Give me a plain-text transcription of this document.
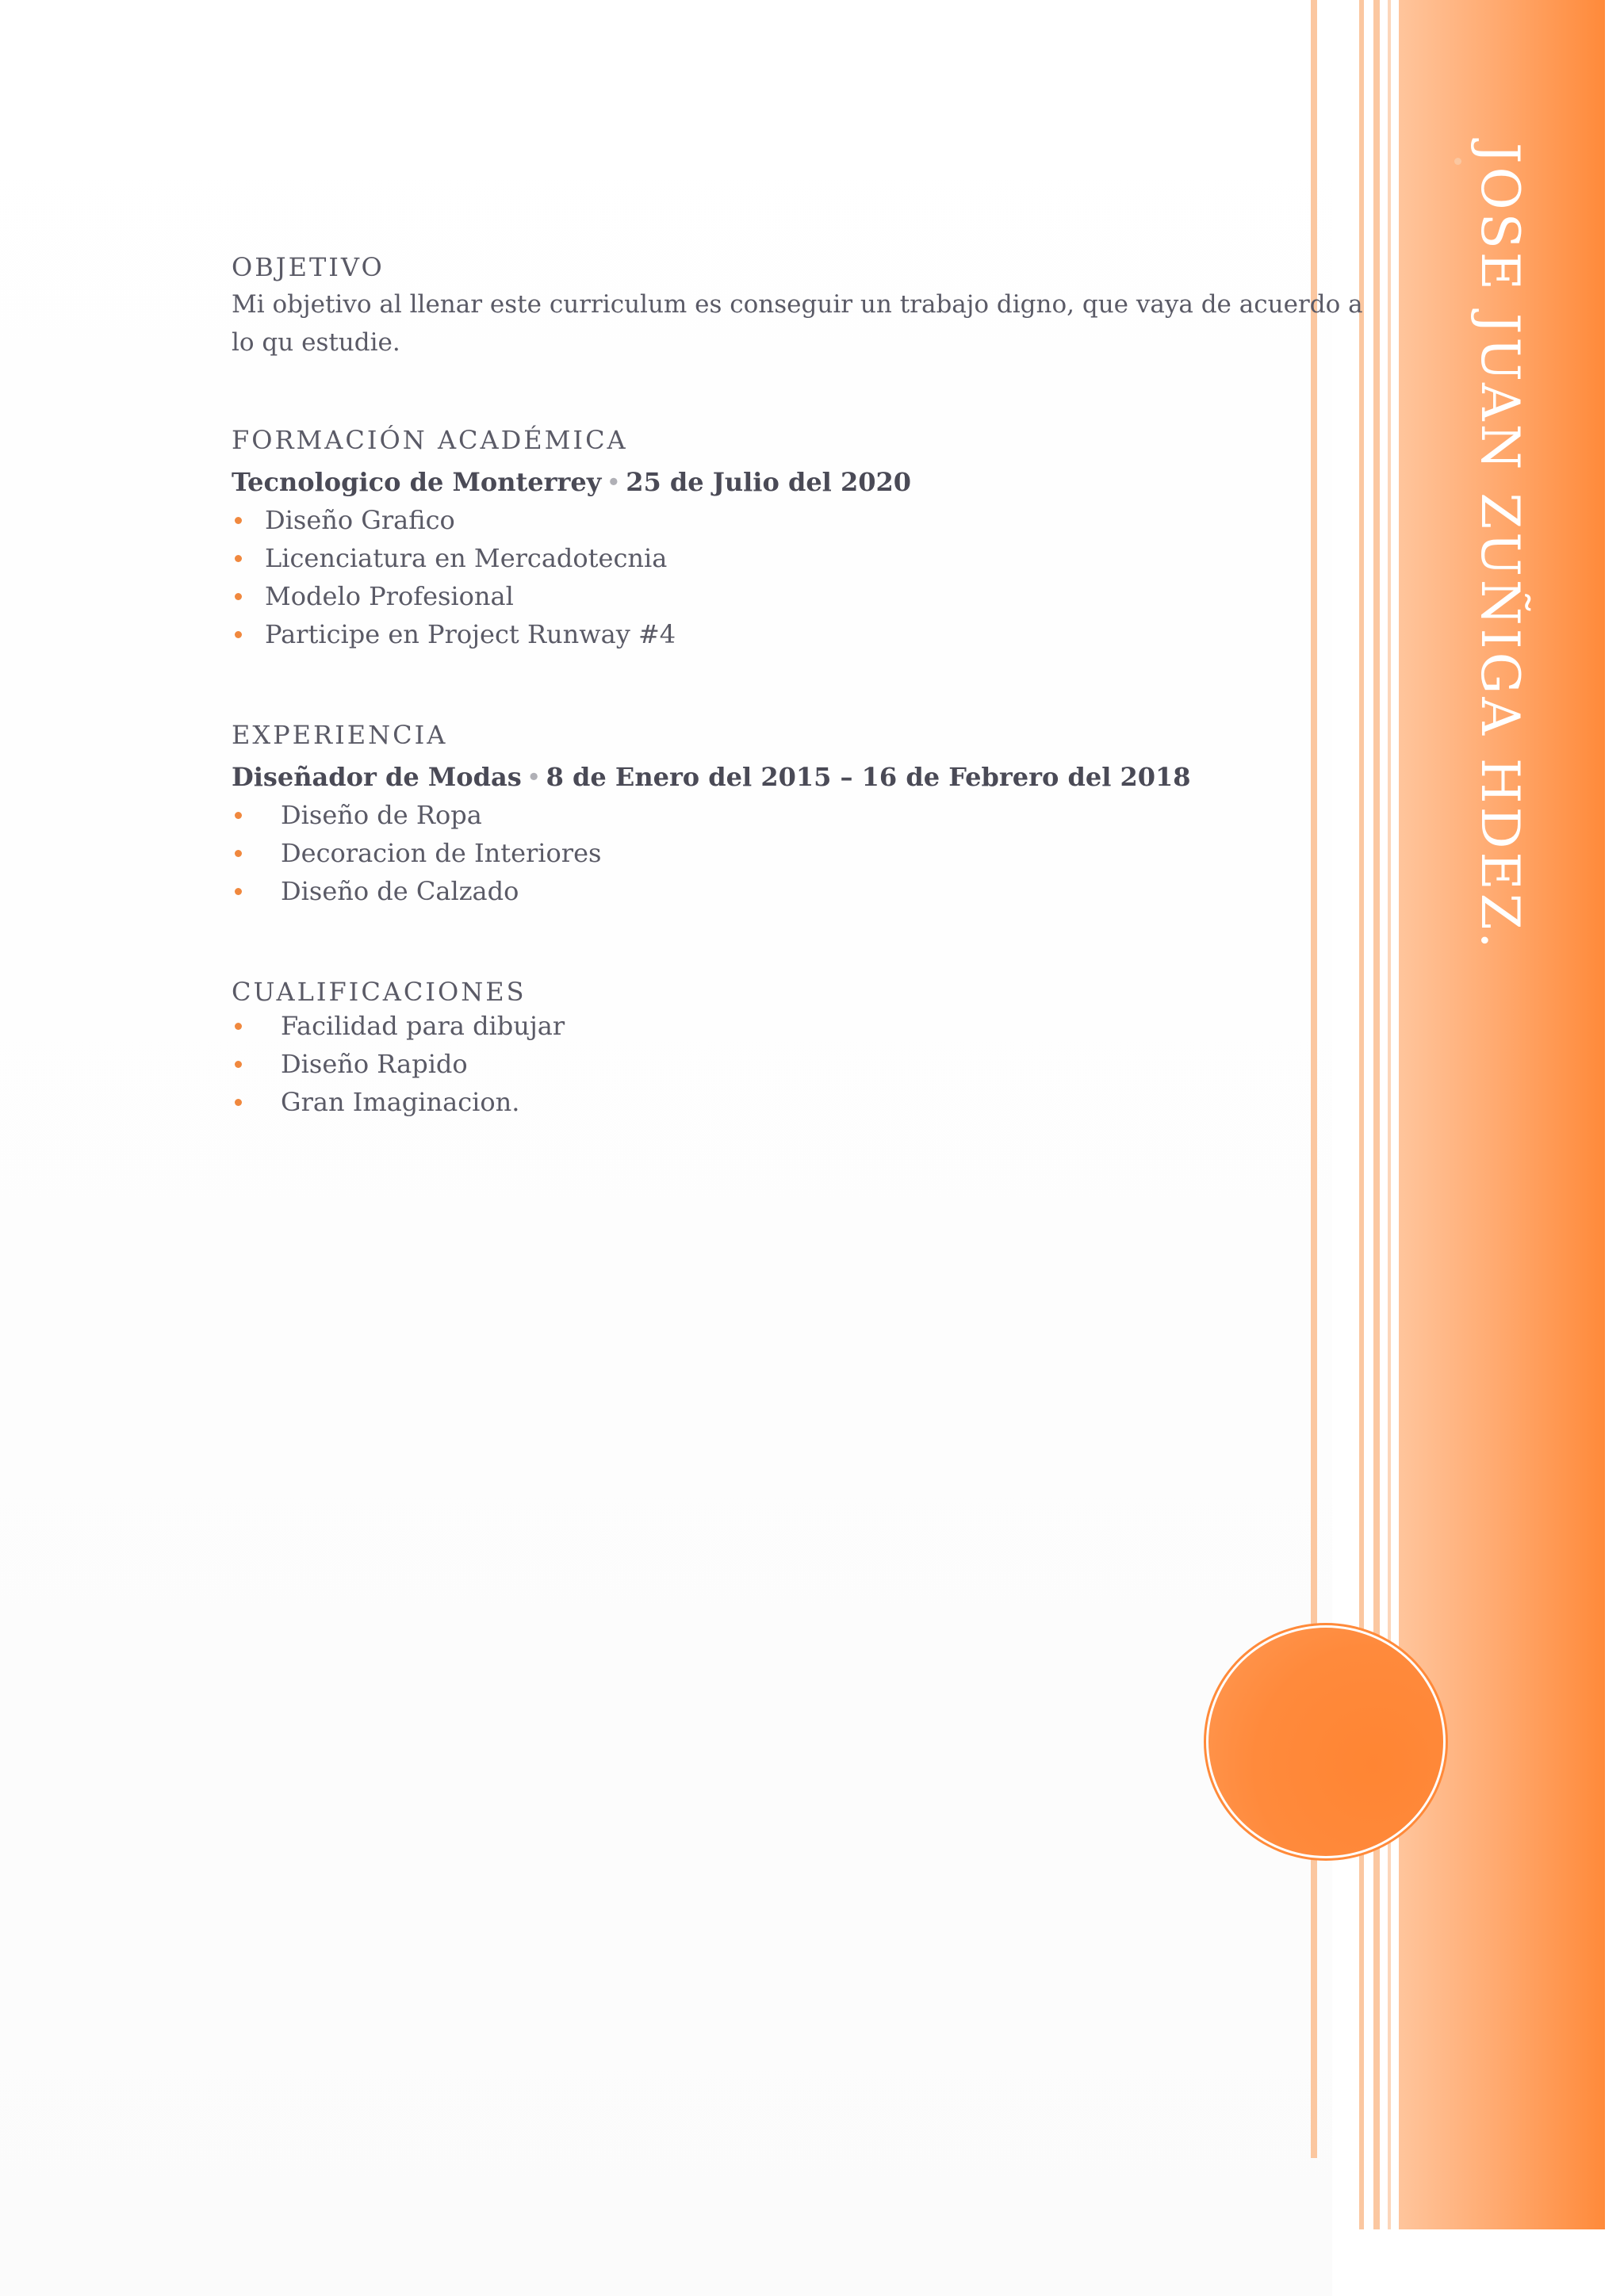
JOSE JUAN ZUÑIGA HDEZ.
OBJETIVO

Mi objetivo al llenar este curriculum es conseguir un trabajo digno, que vaya de acuerdo a lo qu estudie.

FORMACIÓN ACADÉMICA
Tecnologico de Monterrey • 25 de Julio del 2020
Diseño Grafico
Licenciatura en Mercadotecnia
Modelo Profesional
Participe en Project Runway #4
EXPERIENCIA
Diseñador de Modas • 8 de Enero del 2015 – 16 de Febrero del 2018
Diseño de Ropa
Decoracion de Interiores
Diseño de Calzado
CUALIFICACIONES
Facilidad para dibujar
Diseño Rapido
Gran Imaginacion.
